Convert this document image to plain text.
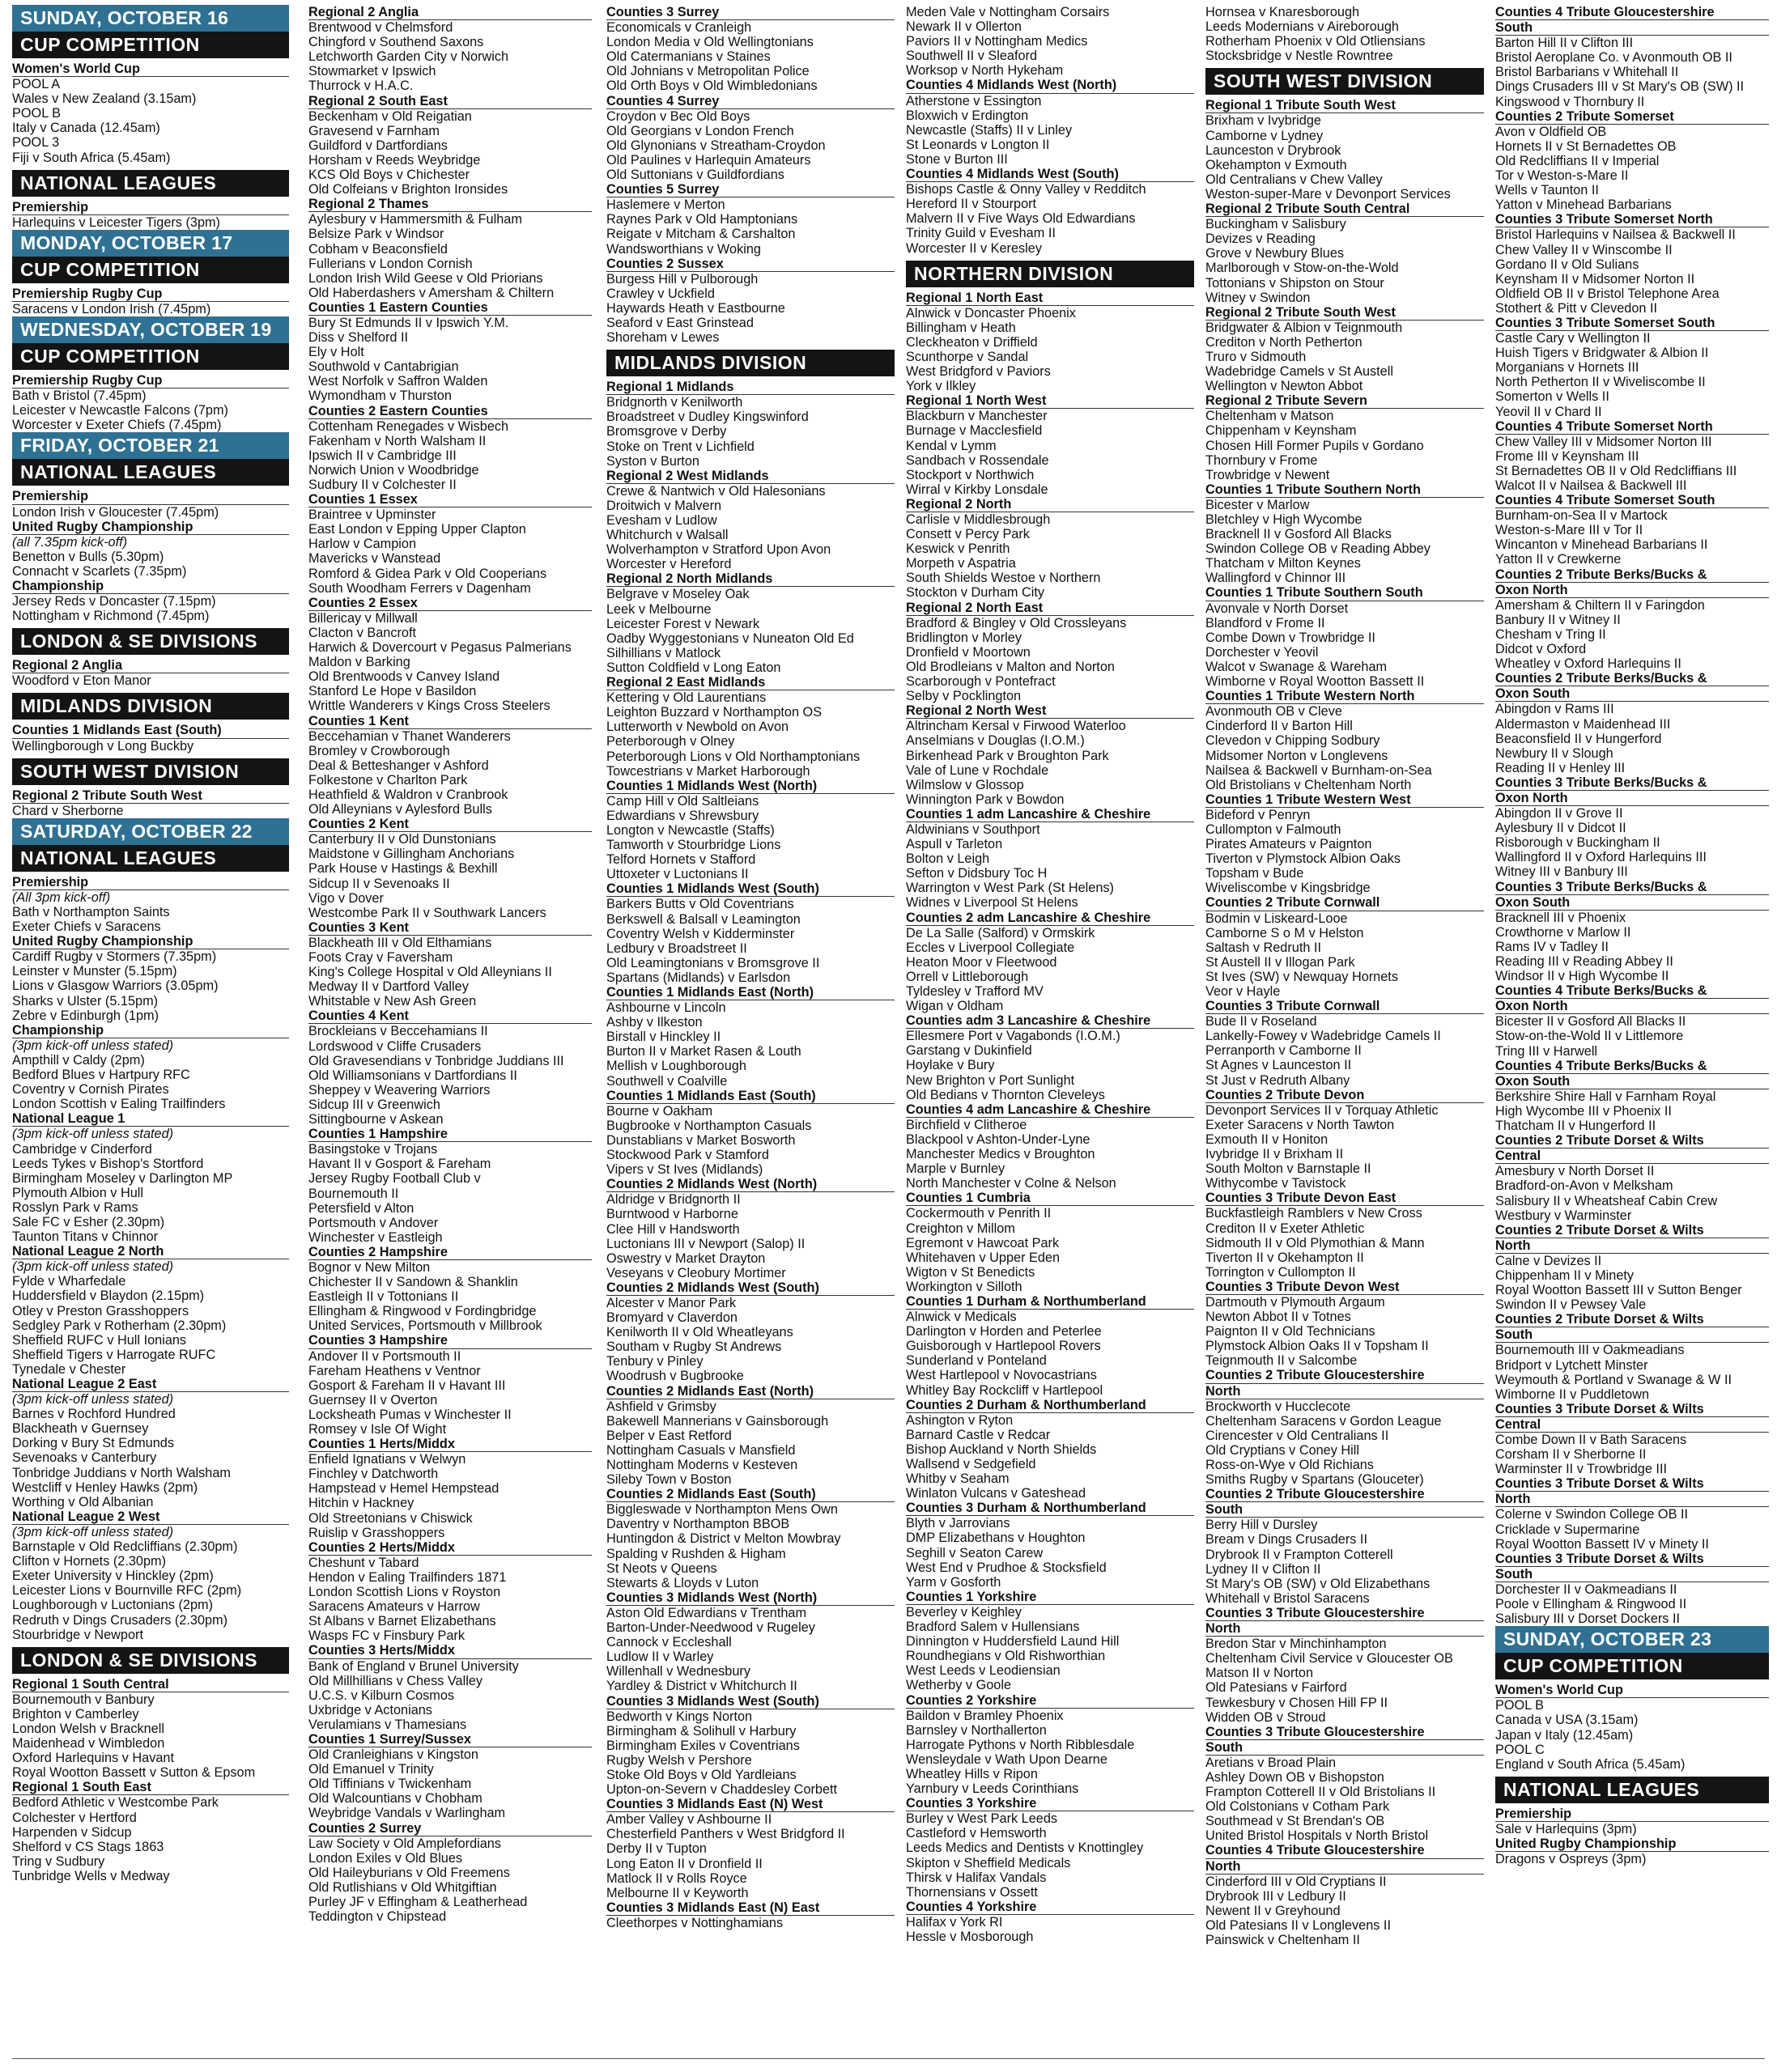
SUNDAY, OCTOBER 16
CUP COMPETITION
Women's World Cup
POOL A
Wales v New Zealand (3.15am)
POOL B
Italy v Canada (12.45am)
POOL 3
Fiji v South Africa (5.45am)
NATIONAL LEAGUES
Premiership
Harlequins v Leicester Tigers (3pm)
MONDAY, OCTOBER 17
CUP COMPETITION
Premiership Rugby Cup
Saracens v London Irish (7.45pm)
WEDNESDAY, OCTOBER 19
CUP COMPETITION
Premiership Rugby Cup
Bath v Bristol (7.45pm)
Leicester v Newcastle Falcons (7pm)
Worcester v Exeter Chiefs (7.45pm)
FRIDAY, OCTOBER 21
NATIONAL LEAGUES
Premiership
London Irish v Gloucester (7.45pm)
United Rugby Championship
(all 7.35pm kick-off)
Benetton v Bulls (5.30pm)
Connacht v Scarlets (7.35pm)
Championship
Jersey Reds v Doncaster (7.15pm)
Nottingham v Richmond (7.45pm)
LONDON & SE DIVISIONS
Regional 2 Anglia
Woodford v Eton Manor
MIDLANDS DIVISION
Counties 1 Midlands East (South)
Wellingborough v Long Buckby
SOUTH WEST DIVISION
Regional 2 Tribute South West
Chard v Sherborne
SATURDAY, OCTOBER 22
NATIONAL LEAGUES
Premiership
(All 3pm kick-off)
Bath v Northampton Saints
Exeter Chiefs v Saracens
United Rugby Championship
Cardiff Rugby v Stormers (7.35pm)
Leinster v Munster (5.15pm)
Lions v Glasgow Warriors (3.05pm)
Sharks v Ulster (5.15pm)
Zebre v Edinburgh (1pm)
Championship
(3pm kick-off unless stated)
Ampthill v Caldy (2pm)
Bedford Blues v Hartpury RFC
Coventry v Cornish Pirates
London Scottish v Ealing Trailfinders
National League 1
(3pm kick-off unless stated)
Cambridge v Cinderford
Leeds Tykes v Bishop's Stortford
Birmingham Moseley v Darlington MP
Plymouth Albion v Hull
Rosslyn Park v Rams
Sale FC v Esher (2.30pm)
Taunton Titans v Chinnor
National League 2 North
(3pm kick-off unless stated)
Fylde v Wharfedale
Huddersfield v Blaydon (2.15pm)
Otley v Preston Grasshoppers
Sedgley Park v Rotherham (2.30pm)
Sheffield RUFC v Hull Ionians
Sheffield Tigers v Harrogate RUFC
Tynedale v Chester
National League 2 East
(3pm kick-off unless stated)
Barnes v Rochford Hundred
Blackheath v Guernsey
Dorking v Bury St Edmunds
Sevenoaks v Canterbury
Tonbridge Juddians v North Walsham
Westcliff v Henley Hawks (2pm)
Worthing v Old Albanian
National League 2 West
(3pm kick-off unless stated)
Barnstaple v Old Redcliffians (2.30pm)
Clifton v Hornets (2.30pm)
Exeter University v Hinckley (2pm)
Leicester Lions v Bournville RFC (2pm)
Loughborough v Luctonians (2pm)
Redruth v Dings Crusaders (2.30pm)
Stourbridge v Newport
LONDON & SE DIVISIONS
Regional 1 South Central
Bournemouth v Banbury
Brighton v Camberley
London Welsh v Bracknell
Maidenhead v Wimbledon
Oxford Harlequins v Havant
Royal Wootton Bassett v Sutton & Epsom
Regional 1 South East
Bedford Athletic v Westcombe Park
Colchester v Hertford
Harpenden v Sidcup
Shelford v CS Stags 1863
Tring v Sudbury
Tunbridge Wells v Medway
Regional 2 Anglia
Brentwood v Chelmsford
Chingford v Southend Saxons
Letchworth Garden City v Norwich
Stowmarket v Ipswich
Thurrock v H.A.C.
Regional 2 South East
Beckenham v Old Reigatian
Gravesend v Farnham
Guildford v Dartfordians
Horsham v Reeds Weybridge
KCS Old Boys v Chichester
Old Colfeians v Brighton Ironsides
Regional 2 Thames
Aylesbury v Hammersmith & Fulham
Belsize Park v Windsor
Cobham v Beaconsfield
Fullerians v London Cornish
London Irish Wild Geese v Old Priorians
Old Haberdashers v Amersham & Chiltern
Counties 1 Eastern Counties
Bury St Edmunds II v Ipswich Y.M.
Diss v Shelford II
Ely v Holt
Southwold v Cantabrigian
West Norfolk v Saffron Walden
Wymondham v Thurston
Counties 2 Eastern Counties
Cottenham Renegades v Wisbech
Fakenham v North Walsham II
Ipswich II v Cambridge III
Norwich Union v Woodbridge
Sudbury II v Colchester II
Counties 1 Essex
Braintree v Upminster
East London v Epping Upper Clapton
Harlow v Campion
Mavericks v Wanstead
Romford & Gidea Park v Old Cooperians
South Woodham Ferrers v Dagenham
Counties 2 Essex
Billericay v Millwall
Clacton v Bancroft
Harwich & Dovercourt v Pegasus Palmerians
Maldon v Barking
Old Brentwoods v Canvey Island
Stanford Le Hope v Basildon
Writtle Wanderers v Kings Cross Steelers
Counties 1 Kent
Beccehamian v Thanet Wanderers
Bromley v Crowborough
Deal & Betteshanger v Ashford
Folkestone v Charlton Park
Heathfield & Waldron v Cranbrook
Old Alleynians v Aylesford Bulls
Counties 2 Kent
Canterbury II v Old Dunstonians
Maidstone v Gillingham Anchorians
Park House v Hastings & Bexhill
Sidcup II v Sevenoaks II
Vigo v Dover
Westcombe Park II v Southwark Lancers
Counties 3 Kent
Blackheath III v Old Elthamians
Foots Cray v Faversham
King's College Hospital v Old Alleynians II
Medway II v Dartford Valley
Whitstable v New Ash Green
Counties 4 Kent
Brockleians v Beccehamians II
Lordswood v Cliffe Crusaders
Old Gravesendians v Tonbridge Juddians III
Old Williamsonians v Dartfordians II
Sheppey v Weavering Warriors
Sidcup III v Greenwich
Sittingbourne v Askean
Counties 1 Hampshire
Basingstoke v Trojans
Havant II v Gosport & Fareham
Jersey Rugby Football Club v
Bournemouth II
Petersfield v Alton
Portsmouth v Andover
Winchester v Eastleigh
Counties 2 Hampshire
Bognor v New Milton
Chichester II v Sandown & Shanklin
Eastleigh II v Tottonians II
Ellingham & Ringwood v Fordingbridge
United Services, Portsmouth v Millbrook
Counties 3 Hampshire
Andover II v Portsmouth II
Fareham Heathens v Ventnor
Gosport & Fareham II v Havant III
Guernsey II v Overton
Locksheath Pumas v Winchester II
Romsey v Isle Of Wight
Counties 1 Herts/Middx
Enfield Ignatians v Welwyn
Finchley v Datchworth
Hampstead v Hemel Hempstead
Hitchin v Hackney
Old Streetonians v Chiswick
Ruislip v Grasshoppers
Counties 2 Herts/Middx
Cheshunt v Tabard
Hendon v Ealing Trailfinders 1871
London Scottish Lions v Royston
Saracens Amateurs v Harrow
St Albans v Barnet Elizabethans
Wasps FC v Finsbury Park
Counties 3 Herts/Middx
Bank of England v Brunel University
Old Millhillians v Chess Valley
U.C.S. v Kilburn Cosmos
Uxbridge v Actonians
Verulamians v Thamesians
Counties 1 Surrey/Sussex
Old Cranleighians v Kingston
Old Emanuel v Trinity
Old Tiffinians v Twickenham
Old Walcountians v Chobham
Weybridge Vandals v Warlingham
Counties 2 Surrey
Law Society v Old Amplefordians
London Exiles v Old Blues
Old Haileyburians v Old Freemens
Old Rutlishians v Old Whitgiftian
Purley JF v Effingham & Leatherhead
Teddington v Chipstead
Counties 3 Surrey
Economicals v Cranleigh
London Media v Old Wellingtonians
Old Catermanians v Staines
Old Johnians v Metropolitan Police
Old Orth Boys v Old Wimbledonians
Counties 4 Surrey
Croydon v Bec Old Boys
Old Georgians v London French
Old Glynonians v Streatham-Croydon
Old Paulines v Harlequin Amateurs
Old Suttonians v Guildfordians
Counties 5 Surrey
Haslemere v Merton
Raynes Park v Old Hamptonians
Reigate v Mitcham & Carshalton
Wandsworthians v Woking
Counties 2 Sussex
Burgess Hill v Pulborough
Crawley v Uckfield
Haywards Heath v Eastbourne
Seaford v East Grinstead
Shoreham v Lewes
MIDLANDS DIVISION
Regional 1 Midlands
Bridgnorth v Kenilworth
Broadstreet v Dudley Kingswinford
Bromsgrove v Derby
Stoke on Trent v Lichfield
Syston v Burton
Regional 2 West Midlands
Crewe & Nantwich v Old Halesonians
Droitwich v Malvern
Evesham v Ludlow
Whitchurch v Walsall
Wolverhampton v Stratford Upon Avon
Worcester v Hereford
Regional 2 North Midlands
Belgrave v Moseley Oak
Leek v Melbourne
Leicester Forest v Newark
Oadby Wyggestonians v Nuneaton Old Ed
Silhillians v Matlock
Sutton Coldfield v Long Eaton
Regional 2 East Midlands
Kettering v Old Laurentians
Leighton Buzzard v Northampton OS
Lutterworth v Newbold on Avon
Peterborough v Olney
Peterborough Lions v Old Northamptonians
Towcestrians v Market Harborough
Counties 1 Midlands West (North)
Camp Hill v Old Saltleians
Edwardians v Shrewsbury
Longton v Newcastle (Staffs)
Tamworth v Stourbridge Lions
Telford Hornets v Stafford
Uttoxeter v Luctonians II
Counties 1 Midlands West (South)
Barkers Butts v Old Coventrians
Berkswell & Balsall v Leamington
Coventry Welsh v Kidderminster
Ledbury v Broadstreet II
Old Leamingtonians v Bromsgrove II
Spartans (Midlands) v Earlsdon
Counties 1 Midlands East (North)
Ashbourne v Lincoln
Ashby v Ilkeston
Birstall v Hinckley II
Burton II v Market Rasen & Louth
Mellish v Loughborough
Southwell v Coalville
Counties 1 Midlands East (South)
Bourne v Oakham
Bugbrooke v Northampton Casuals
Dunstablians v Market Bosworth
Stockwood Park v Stamford
Vipers v St Ives (Midlands)
Counties 2 Midlands West (North)
Aldridge v Bridgnorth II
Burntwood v Harborne
Clee Hill v Handsworth
Luctonians III v Newport (Salop) II
Oswestry v Market Drayton
Veseyans v Cleobury Mortimer
Counties 2 Midlands West (South)
Alcester v Manor Park
Bromyard v Claverdon
Kenilworth II v Old Wheatleyans
Southam v Rugby St Andrews
Tenbury v Pinley
Woodrush v Bugbrooke
Counties 2 Midlands East (North)
Ashfield v Grimsby
Bakewell Mannerians v Gainsborough
Belper v East Retford
Nottingham Casuals v Mansfield
Nottingham Moderns v Kesteven
Sileby Town v Boston
Counties 2 Midlands East (South)
Biggleswade v Northampton Mens Own
Daventry v Northampton BBOB
Huntingdon & District v Melton Mowbray
Spalding v Rushden & Higham
St Neots v Queens
Stewarts & Lloyds v Luton
Counties 3 Midlands West (North)
Aston Old Edwardians v Trentham
Barton-Under-Needwood v Rugeley
Cannock v Eccleshall
Ludlow II v Warley
Willenhall v Wednesbury
Yardley & District v Whitchurch II
Counties 3 Midlands West (South)
Bedworth v Kings Norton
Birmingham & Solihull v Harbury
Birmingham Exiles v Coventrians
Rugby Welsh v Pershore
Stoke Old Boys v Old Yardleians
Upton-on-Severn v Chaddesley Corbett
Counties 3 Midlands East (N) West
Amber Valley v Ashbourne II
Chesterfield Panthers v West Bridgford II
Derby II v Tupton
Long Eaton II v Dronfield II
Matlock II v Rolls Royce
Melbourne II v Keyworth
Counties 3 Midlands East (N) East
Cleethorpes v Nottinghamians
Meden Vale v Nottingham Corsairs
Newark II v Ollerton
Paviors II v Nottingham Medics
Southwell II v Sleaford
Worksop v North Hykeham
Counties 4 Midlands West (North)
Atherstone v Essington
Bloxwich v Erdington
Newcastle (Staffs) II v Linley
St Leonards v Longton II
Stone v Burton III
Counties 4 Midlands West (South)
Bishops Castle & Onny Valley v Redditch
Hereford II v Stourport
Malvern II v Five Ways Old Edwardians
Trinity Guild v Evesham II
Worcester II v Keresley
NORTHERN DIVISION
Regional 1 North East
Alnwick v Doncaster Phoenix
Billingham v Heath
Cleckheaton v Driffield
Scunthorpe v Sandal
West Bridgford v Paviors
York v Ilkley
Regional 1 North West
Blackburn v Manchester
Burnage v Macclesfield
Kendal v Lymm
Sandbach v Rossendale
Stockport v Northwich
Wirral v Kirkby Lonsdale
Regional 2 North
Carlisle v Middlesbrough
Consett v Percy Park
Keswick v Penrith
Morpeth v Aspatria
South Shields Westoe v Northern
Stockton v Durham City
Regional 2 North East
Bradford & Bingley v Old Crossleyans
Bridlington v Morley
Dronfield v Moortown
Old Brodleians v Malton and Norton
Scarborough v Pontefract
Selby v Pocklington
Regional 2 North West
Altrincham Kersal v Firwood Waterloo
Anselmians v Douglas (I.O.M.)
Birkenhead Park v Broughton Park
Vale of Lune v Rochdale
Wilmslow v Glossop
Winnington Park v Bowdon
Counties 1 adm Lancashire & Cheshire
Aldwinians v Southport
Aspull v Tarleton
Bolton v Leigh
Sefton v Didsbury Toc H
Warrington v West Park (St Helens)
Widnes v Liverpool St Helens
Counties 2 adm Lancashire & Cheshire
De La Salle (Salford) v Ormskirk
Eccles v Liverpool Collegiate
Heaton Moor v Fleetwood
Orrell v Littleborough
Tyldesley v Trafford MV
Wigan v Oldham
Counties adm 3 Lancashire & Cheshire
Ellesmere Port v Vagabonds (I.O.M.)
Garstang v Dukinfield
Hoylake v Bury
New Brighton v Port Sunlight
Old Bedians v Thornton Cleveleys
Counties 4 adm Lancashire & Cheshire
Birchfield v Clitheroe
Blackpool v Ashton-Under-Lyne
Manchester Medics v Broughton
Marple v Burnley
North Manchester v Colne & Nelson
Counties 1 Cumbria
Cockermouth v Penrith II
Creighton v Millom
Egremont v Hawcoat Park
Whitehaven v Upper Eden
Wigton v St Benedicts
Workington v Silloth
Counties 1 Durham & Northumberland
Alnwick v Medicals
Darlington v Horden and Peterlee
Guisborough v Hartlepool Rovers
Sunderland v Ponteland
West Hartlepool v Novocastrians
Whitley Bay Rockcliff v Hartlepool
Counties 2 Durham & Northumberland
Ashington v Ryton
Barnard Castle v Redcar
Bishop Auckland v North Shields
Wallsend v Sedgefield
Whitby v Seaham
Winlaton Vulcans v Gateshead
Counties 3 Durham & Northumberland
Blyth v Jarrovians
DMP Elizabethans v Houghton
Seghill v Seaton Carew
West End v Prudhoe & Stocksfield
Yarm v Gosforth
Counties 1 Yorkshire
Beverley v Keighley
Bradford Salem v Hullensians
Dinnington v Huddersfield Laund Hill
Roundhegians v Old Rishworthian
West Leeds v Leodiensian
Wetherby v Goole
Counties 2 Yorkshire
Baildon v Bramley Phoenix
Barnsley v Northallerton
Harrogate Pythons v North Ribblesdale
Wensleydale v Wath Upon Dearne
Wheatley Hills v Ripon
Yarnbury v Leeds Corinthians
Counties 3 Yorkshire
Burley v West Park Leeds
Castleford v Hemsworth
Leeds Medics and Dentists v Knottingley
Skipton v Sheffield Medicals
Thirsk v Halifax Vandals
Thornensians v Ossett
Counties 4 Yorkshire
Halifax v York RI
Hessle v Mosborough
Hornsea v Knaresborough
Leeds Modernians v Aireborough
Rotherham Phoenix v Old Otliensians
Stocksbridge v Nestle Rowntree
SOUTH WEST DIVISION
Regional 1 Tribute South West
Brixham v Ivybridge
Camborne v Lydney
Launceston v Drybrook
Okehampton v Exmouth
Old Centralians v Chew Valley
Weston-super-Mare v Devonport Services
Regional 2 Tribute South Central
Buckingham v Salisbury
Devizes v Reading
Grove v Newbury Blues
Marlborough v Stow-on-the-Wold
Tottonians v Shipston on Stour
Witney v Swindon
Regional 2 Tribute South West
Bridgwater & Albion v Teignmouth
Crediton v North Petherton
Truro v Sidmouth
Wadebridge Camels v St Austell
Wellington v Newton Abbot
Regional 2 Tribute Severn
Cheltenham v Matson
Chippenham v Keynsham
Chosen Hill Former Pupils v Gordano
Thornbury v Frome
Trowbridge v Newent
Counties 1 Tribute Southern North
Bicester v Marlow
Bletchley v High Wycombe
Bracknell II v Gosford All Blacks
Swindon College OB v Reading Abbey
Thatcham v Milton Keynes
Wallingford v Chinnor III
Counties 1 Tribute Southern South
Avonvale v North Dorset
Blandford v Frome II
Combe Down v Trowbridge II
Dorchester v Yeovil
Walcot v Swanage & Wareham
Wimborne v Royal Wootton Bassett II
Counties 1 Tribute Western North
Avonmouth OB v Cleve
Cinderford II v Barton Hill
Clevedon v Chipping Sodbury
Midsomer Norton v Longlevens
Nailsea & Backwell v Burnham-on-Sea
Old Bristolians v Cheltenham North
Counties 1 Tribute Western West
Bideford v Penryn
Cullompton v Falmouth
Pirates Amateurs v Paignton
Tiverton v Plymstock Albion Oaks
Topsham v Bude
Wiveliscombe v Kingsbridge
Counties 2 Tribute Cornwall
Bodmin v Liskeard-Looe
Camborne S o M v Helston
Saltash v Redruth II
St Austell II v Illogan Park
St Ives (SW) v Newquay Hornets
Veor v Hayle
Counties 3 Tribute Cornwall
Bude II v Roseland
Lankelly-Fowey v Wadebridge Camels II
Perranporth v Camborne II
St Agnes v Launceston II
St Just v Redruth Albany
Counties 2 Tribute Devon
Devonport Services II v Torquay Athletic
Exeter Saracens v North Tawton
Exmouth II v Honiton
Ivybridge II v Brixham II
South Molton v Barnstaple II
Withycombe v Tavistock
Counties 3 Tribute Devon East
Buckfastleigh Ramblers v New Cross
Crediton II v Exeter Athletic
Sidmouth II v Old Plymothian & Mann
Tiverton II v Okehampton II
Torrington v Cullompton II
Counties 3 Tribute Devon West
Dartmouth v Plymouth Argaum
Newton Abbot II v Totnes
Paignton II v Old Technicians
Plymstock Albion Oaks II v Topsham II
Teignmouth II v Salcombe
Counties 2 Tribute Gloucestershire
North
Brockworth v Hucclecote
Cheltenham Saracens v Gordon League
Cirencester v Old Centralians II
Old Cryptians v Coney Hill
Ross-on-Wye v Old Richians
Smiths Rugby v Spartans (Glouceter)
Counties 2 Tribute Gloucestershire
South
Berry Hill v Dursley
Bream v Dings Crusaders II
Drybrook II v Frampton Cotterell
Lydney II v Clifton II
St Mary's OB (SW) v Old Elizabethans
Whitehall v Bristol Saracens
Counties 3 Tribute Gloucestershire
North
Bredon Star v Minchinhampton
Cheltenham Civil Service v Gloucester OB
Matson II v Norton
Old Patesians v Fairford
Tewkesbury v Chosen Hill FP II
Widden OB v Stroud
Counties 3 Tribute Gloucestershire
South
Aretians v Broad Plain
Ashley Down OB v Bishopston
Frampton Cotterell II v Old Bristolians II
Old Colstonians v Cotham Park
Southmead v St Brendan's OB
United Bristol Hospitals v North Bristol
Counties 4 Tribute Gloucestershire
North
Cinderford III v Old Cryptians II
Drybrook III v Ledbury II
Newent II v Greyhound
Old Patesians II v Longlevens II
Painswick v Cheltenham II
Counties 4 Tribute Gloucestershire
South
Barton Hill II v Clifton III
Bristol Aeroplane Co. v Avonmouth OB II
Bristol Barbarians v Whitehall II
Dings Crusaders III v St Mary's OB (SW) II
Kingswood v Thornbury II
Counties 2 Tribute Somerset
Avon v Oldfield OB
Hornets II v St Bernadettes OB
Old Redcliffians II v Imperial
Tor v Weston-s-Mare II
Wells v Taunton II
Yatton v Minehead Barbarians
Counties 3 Tribute Somerset North
Bristol Harlequins v Nailsea & Backwell II
Chew Valley II v Winscombe II
Gordano II v Old Sulians
Keynsham II v Midsomer Norton II
Oldfield OB II v Bristol Telephone Area
Stothert & Pitt v Clevedon II
Counties 3 Tribute Somerset South
Castle Cary v Wellington II
Huish Tigers v Bridgwater & Albion II
Morganians v Hornets III
North Petherton II v Wiveliscombe II
Somerton v Wells II
Yeovil II v Chard II
Counties 4 Tribute Somerset North
Chew Valley III v Midsomer Norton III
Frome III v Keynsham III
St Bernadettes OB II v Old Redcliffians III
Walcot II v Nailsea & Backwell III
Counties 4 Tribute Somerset South
Burnham-on-Sea II v Martock
Weston-s-Mare III v Tor II
Wincanton v Minehead Barbarians II
Yatton II v Crewkerne
Counties 2 Tribute Berks/Bucks &
Oxon North
Amersham & Chiltern II v Faringdon
Banbury II v Witney II
Chesham v Tring II
Didcot v Oxford
Wheatley v Oxford Harlequins II
Counties 2 Tribute Berks/Bucks &
Oxon South
Abingdon v Rams III
Aldermaston v Maidenhead III
Beaconsfield II v Hungerford
Newbury II v Slough
Reading II v Henley III
Counties 3 Tribute Berks/Bucks &
Oxon North
Abingdon II v Grove II
Aylesbury II v Didcot II
Risborough v Buckingham II
Wallingford II v Oxford Harlequins III
Witney III v Banbury III
Counties 3 Tribute Berks/Bucks &
Oxon South
Bracknell III v Phoenix
Crowthorne v Marlow II
Rams IV v Tadley II
Reading III v Reading Abbey II
Windsor II v High Wycombe II
Counties 4 Tribute Berks/Bucks &
Oxon North
Bicester II v Gosford All Blacks II
Stow-on-the-Wold II v Littlemore
Tring III v Harwell
Counties 4 Tribute Berks/Bucks &
Oxon South
Berkshire Shire Hall v Farnham Royal
High Wycombe III v Phoenix II
Thatcham II v Hungerford II
Counties 2 Tribute Dorset & Wilts
Central
Amesbury v North Dorset II
Bradford-on-Avon v Melksham
Salisbury II v Wheatsheaf Cabin Crew
Westbury v Warminster
Counties 2 Tribute Dorset & Wilts
North
Calne v Devizes II
Chippenham II v Minety
Royal Wootton Bassett III v Sutton Benger
Swindon II v Pewsey Vale
Counties 2 Tribute Dorset & Wilts
South
Bournemouth III v Oakmeadians
Bridport v Lytchett Minster
Weymouth & Portland v Swanage & W II
Wimborne II v Puddletown
Counties 3 Tribute Dorset & Wilts
Central
Combe Down II v Bath Saracens
Corsham II v Sherborne II
Warminster II v Trowbridge III
Counties 3 Tribute Dorset & Wilts
North
Colerne v Swindon College OB II
Cricklade v Supermarine
Royal Wootton Bassett IV v Minety II
Counties 3 Tribute Dorset & Wilts
South
Dorchester II v Oakmeadians II
Poole v Ellingham & Ringwood II
Salisbury III v Dorset Dockers II
SUNDAY, OCTOBER 23
CUP COMPETITION
Women's World Cup
POOL B
Canada v USA (3.15am)
Japan v Italy (12.45am)
POOL C
England v South Africa (5.45am)
NATIONAL LEAGUES
Premiership
Sale v Harlequins (3pm)
United Rugby Championship
Dragons v Ospreys (3pm)
